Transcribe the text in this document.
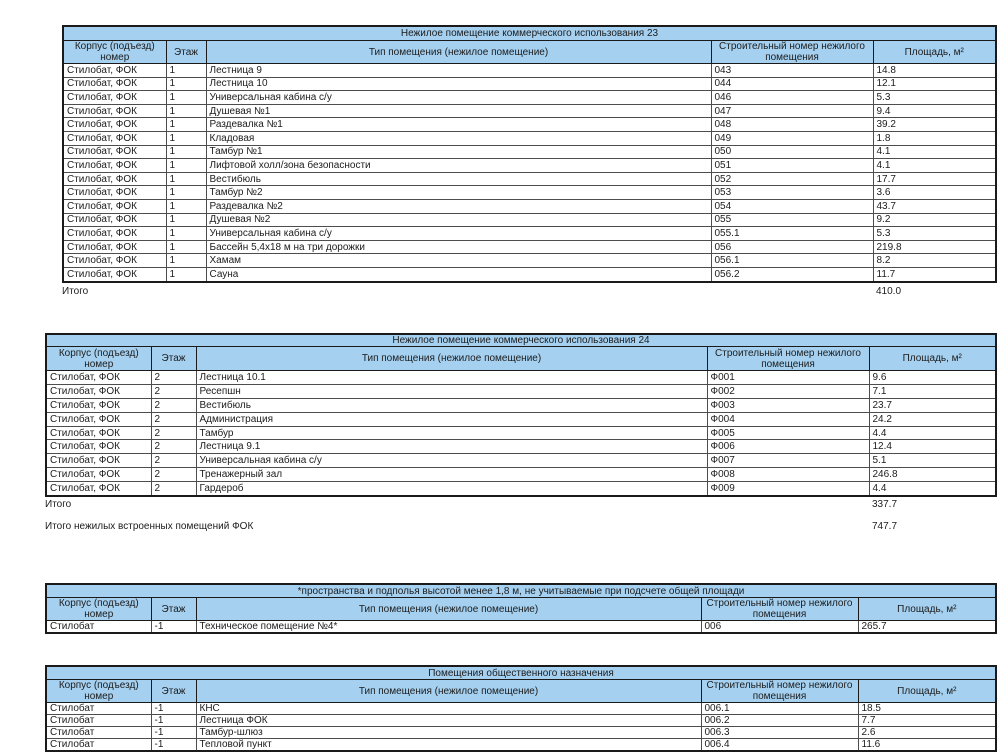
Нежилое помещение коммерческого использования 23				
Корпус (подъезд) номер	Этаж	Тип помещения (нежилое помещение)	Строительный номер нежилого помещения	Площадь, м²
Стилобат, ФОК	1	Лестница 9	043	14.8
Стилобат, ФОК	1	Лестница 10	044	12.1
Стилобат, ФОК	1	Универсальная кабина с/у	046	5.3
Стилобат, ФОК	1	Душевая №1	047	9.4
Стилобат, ФОК	1	Раздевалка №1	048	39.2
Стилобат, ФОК	1	Кладовая	049	1.8
Стилобат, ФОК	1	Тамбур №1	050	4.1
Стилобат, ФОК	1	Лифтовой холл/зона безопасности	051	4.1
Стилобат, ФОК	1	Вестибюль	052	17.7
Стилобат, ФОК	1	Тамбур №2	053	3.6
Стилобат, ФОК	1	Раздевалка №2	054	43.7
Стилобат, ФОК	1	Душевая №2	055	9.2
Стилобат, ФОК	1	Универсальная кабина с/у	055.1	5.3
Стилобат, ФОК	1	Бассейн 5,4x18 м на три дорожки	056	219.8
Стилобат, ФОК	1	Хамам	056.1	8.2
Стилобат, ФОК	1	Сауна	056.2	11.7
Итого	410.0
Нежилое помещение коммерческого использования 24				
Корпус (подъезд) номер	Этаж	Тип помещения (нежилое помещение)	Строительный номер нежилого помещения	Площадь, м²
Стилобат, ФОК	2	Лестница 10.1	Ф001	9.6
Стилобат, ФОК	2	Ресепшн	Ф002	7.1
Стилобат, ФОК	2	Вестибюль	Ф003	23.7
Стилобат, ФОК	2	Администрация	Ф004	24.2
Стилобат, ФОК	2	Тамбур	Ф005	4.4
Стилобат, ФОК	2	Лестница 9.1	Ф006	12.4
Стилобат, ФОК	2	Универсальная кабина с/у	Ф007	5.1
Стилобат, ФОК	2	Тренажерный зал	Ф008	246.8
Стилобат, ФОК	2	Гардероб	Ф009	4.4
Итого	337.7
Итого нежилых встроенных помещений ФОК	747.7
*пространства и подполья высотой менее 1,8 м, не учитываемые при подсчете общей площади				
Корпус (подъезд) номер	Этаж	Тип помещения (нежилое помещение)	Строительный номер нежилого помещения	Площадь, м²
Стилобат	-1	Техническое помещение №4*	006	265.7
Помещения общественного назначения				
Корпус (подъезд) номер	Этаж	Тип помещения (нежилое помещение)	Строительный номер нежилого помещения	Площадь, м²
Стилобат	-1	КНС	006.1	18.5
Стилобат	-1	Лестница ФОК	006.2	7.7
Стилобат	-1	Тамбур-шлюз	006.3	2.6
Стилобат	-1	Тепловой пункт	006.4	11.6
